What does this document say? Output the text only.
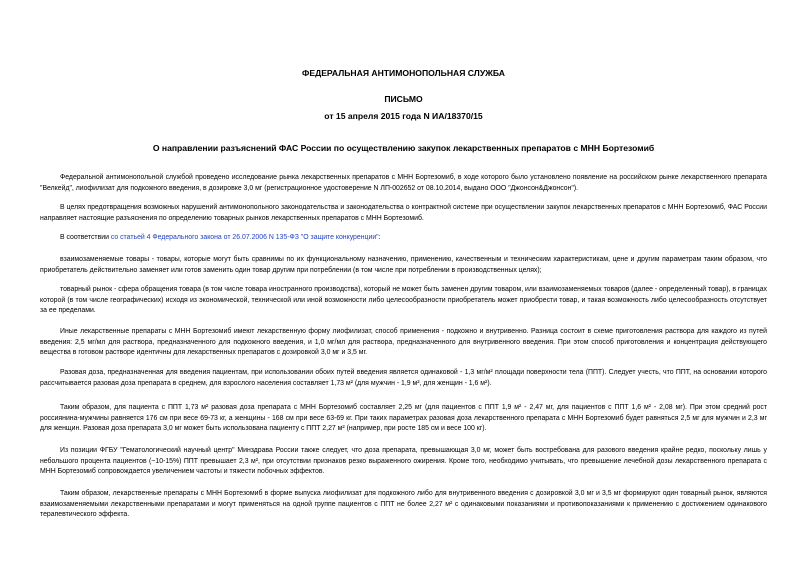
ФЕДЕРАЛЬНАЯ АНТИМОНОПОЛЬНАЯ СЛУЖБА
ПИСЬМО
от 15 апреля 2015 года N ИА/18370/15
О направлении разъяснений ФАС России по осуществлению закупок лекарственных препаратов с МНН Бортезомиб
Федеральной антимонопольной службой проведено исследование рынка лекарственных препаратов с МНН Бортезомиб, в ходе которого было установлено появление на российском рынке лекарственного препарата "Велкейд", лиофилизат для подкожного введения, в дозировке 3,0 мг (регистрационное удостоверение N ЛП-002652 от 08.10.2014, выдано ООО "Джонсон&Джонсон").
В целях предотвращения возможных нарушений антимонопольного законодательства и законодательства о контрактной системе при осуществлении закупок лекарственных препаратов с МНН Бортезомиб, ФАС России направляет настоящие разъяснения по определению товарных рынков лекарственных препаратов с МНН Бортезомиб.
В соответствии со статьей 4 Федерального закона от 26.07.2006 N 135-ФЗ "О защите конкуренции":
взаимозаменяемые товары - товары, которые могут быть сравнимы по их функциональному назначению, применению, качественным и техническим характеристикам, цене и другим параметрам таким образом, что приобретатель действительно заменяет или готов заменить один товар другим при потреблении (в том числе при потреблении в производственных целях);
товарный рынок - сфера обращения товара (в том числе товара иностранного производства), который не может быть заменен другим товаром, или взаимозаменяемых товаров (далее - определенный товар), в границах которой (в том числе географических) исходя из экономической, технической или иной возможности либо целесообразности приобретатель может приобрести товар, и такая возможность либо целесообразность отсутствует за ее пределами.
Иные лекарственные препараты с МНН Бортезомиб имеют лекарственную форму лиофилизат, способ применения - подкожно и внутривенно. Разница состоит в схеме приготовления раствора для каждого из путей введения: 2,5 мг/мл для раствора, предназначенного для подкожного введения, и 1,0 мг/мл для раствора, предназначенного для внутривенного введения. При этом способ приготовления и концентрация действующего вещества в готовом растворе идентичны для лекарственных препаратов с дозировкой 3,0 мг и 3,5 мг.
Разовая доза, предназначенная для введения пациентам, при использовании обоих путей введения является одинаковой - 1,3 мг/м² площади поверхности тела (ППТ). Следует учесть, что ППТ, на основании которого рассчитывается разовая доза препарата в среднем, для взрослого населения составляет 1,73 м² (для мужчин - 1,9 м², для женщин - 1,6 м²).
Таким образом, для пациента с ППТ 1,73 м² разовая доза препарата с МНН Бортезомиб составляет 2,25 мг (для пациентов с ППТ 1,9 м² - 2,47 мг, для пациентов с ППТ 1,6 м² - 2,08 мг). При этом средний рост россиянина-мужчины равняется 176 см при весе 69-73 кг, а женщины - 168 см при весе 63-69 кг. При таких параметрах разовая доза лекарственного препарата с МНН Бортезомиб будет равняться 2,5 мг для мужчин и 2,3 мг для женщин. Разовая доза препарата 3,0 мг может быть использована пациенту с ППТ 2,27 м² (например, при росте 185 см и весе 100 кг).
Из позиции ФГБУ "Гематологический научный центр" Минздрава России также следует, что доза препарата, превышающая 3,0 мг, может быть востребована для разового введения крайне редко, поскольку лишь у небольшого процента пациентов (~10-15%) ППТ превышает 2,3 м², при отсутствии признаков резко выраженного ожирения. Кроме того, необходимо учитывать, что превышение лечебной дозы лекарственного препарата с МНН Бортезомиб сопровождается увеличением частоты и тяжести побочных эффектов.
Таким образом, лекарственные препараты с МНН Бортезомиб в форме выпуска лиофилизат для подкожного либо для внутривенного введения с дозировкой 3,0 мг и 3,5 мг формируют один товарный рынок, являются взаимозаменяемыми лекарственными препаратами и могут применяться на одной группе пациентов с ППТ не более 2,27 м² с одинаковыми показаниями и противопоказаниями к применению с достижением одинакового терапевтического эффекта.
